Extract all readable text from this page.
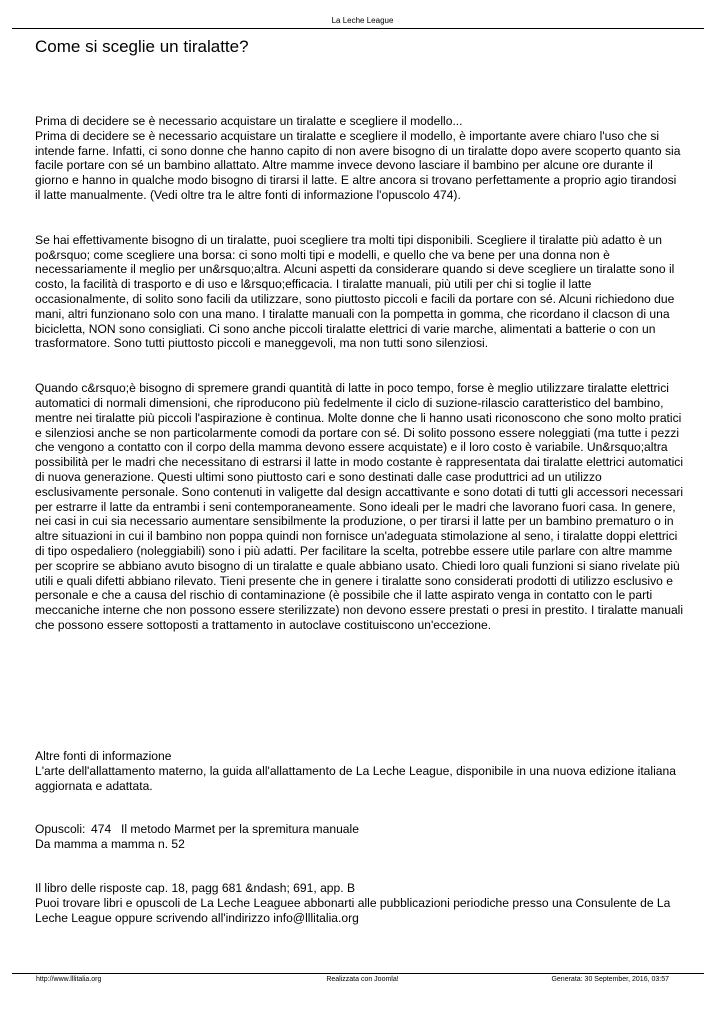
La Leche League
Come si sceglie un tiralatte?

Prima di decidere se è necessario acquistare un tiralatte e scegliere il modello...

Prima di decidere se è necessario acquistare un tiralatte e scegliere il modello, è importante avere chiaro l'uso che si intende farne. Infatti, ci sono donne che hanno capito di non avere bisogno di un tiralatte dopo avere scoperto quanto sia facile portare con sé un bambino allattato. Altre mamme invece devono lasciare il bambino per alcune ore durante il giorno e hanno in qualche modo bisogno di tirarsi il latte. E altre ancora si trovano perfettamente a proprio agio tirandosi il latte manualmente. (Vedi oltre tra le altre fonti di informazione l'opuscolo 474).

Se hai effettivamente bisogno di un tiralatte, puoi scegliere tra molti tipi disponibili. Scegliere il tiralatte più adatto è un po&rsquo; come scegliere una borsa: ci sono molti tipi e modelli, e quello che va bene per una donna non è necessariamente il meglio per un&rsquo;altra. Alcuni aspetti da considerare quando si deve scegliere un tiralatte sono il costo, la facilità di trasporto e di uso e l&rsquo;efficacia. I tiralatte manuali, più utili per chi si toglie il latte occasionalmente, di solito sono facili da utilizzare, sono piuttosto piccoli e facili da portare con sé. Alcuni richiedono due mani, altri funzionano solo con una mano. I tiralatte manuali con la pompetta in gomma, che ricordano il clacson di una bicicletta, NON sono consigliati. Ci sono anche piccoli tiralatte elettrici di varie marche, alimentati a batterie o con un trasformatore. Sono tutti piuttosto piccoli e maneggevoli, ma non tutti sono silenziosi.

Quando c&rsquo;è bisogno di spremere grandi quantità di latte in poco tempo, forse è meglio utilizzare tiralatte elettrici automatici di normali dimensioni, che riproducono più fedelmente il ciclo di suzione-rilascio caratteristico del bambino, mentre nei tiralatte più piccoli l'aspirazione è continua. Molte donne che li hanno usati riconoscono che sono molto pratici e silenziosi anche se non particolarmente comodi da portare con sé. Di solito possono essere noleggiati (ma tutte i pezzi che vengono a contatto con il corpo della mamma devono essere acquistate) e il loro costo è variabile. Un&rsquo;altra possibilità per le madri che necessitano di estrarsi il latte in modo costante è rappresentata dai tiralatte elettrici automatici di nuova generazione. Questi ultimi sono piuttosto cari e sono destinati dalle case produttrici ad un utilizzo esclusivamente personale. Sono contenuti in valigette dal design accattivante e sono dotati di tutti gli accessori necessari per estrarre il latte da entrambi i seni contemporaneamente. Sono ideali per le madri che lavorano fuori casa. In genere, nei casi in cui sia necessario aumentare sensibilmente la produzione, o per tirarsi il latte per un bambino prematuro o in altre situazioni in cui il bambino non poppa quindi non fornisce un'adeguata stimolazione al seno, i tiralatte doppi elettrici di tipo ospedaliero (noleggiabili) sono i più adatti. Per facilitare la scelta, potrebbe essere utile parlare con altre mamme per scoprire se abbiano avuto bisogno di un tiralatte e quale abbiano usato. Chiedi loro quali funzioni si siano rivelate più utili e quali difetti abbiano rilevato. Tieni presente che in genere i tiralatte sono considerati prodotti di utilizzo esclusivo e personale e che a causa del rischio di contaminazione (è possibile che il latte aspirato venga in contatto con le parti meccaniche interne che non possono essere sterilizzate) non devono essere prestati o presi in prestito. I tiralatte manuali che possono essere sottoposti a trattamento in autoclave costituiscono un'eccezione.

Altre fonti di informazione

L'arte dell'allattamento materno, la guida all'allattamento de La Leche League, disponibile in una nuova edizione italiana aggiornata e adattata.

Opuscoli: 474 Il metodo Marmet per la spremitura manuale

Da mamma a mamma n. 52

Il libro delle risposte cap. 18, pagg 681 &ndash; 691, app. B

Puoi trovare libri e opuscoli de La Leche Leaguee abbonarti alle pubblicazioni periodiche presso una Consulente de La Leche League oppure scrivendo all'indirizzo info@lllitalia.org

http://www.lllitalia.org	Realizzata con Joomla!	Generata: 30 September, 2016, 03:57
